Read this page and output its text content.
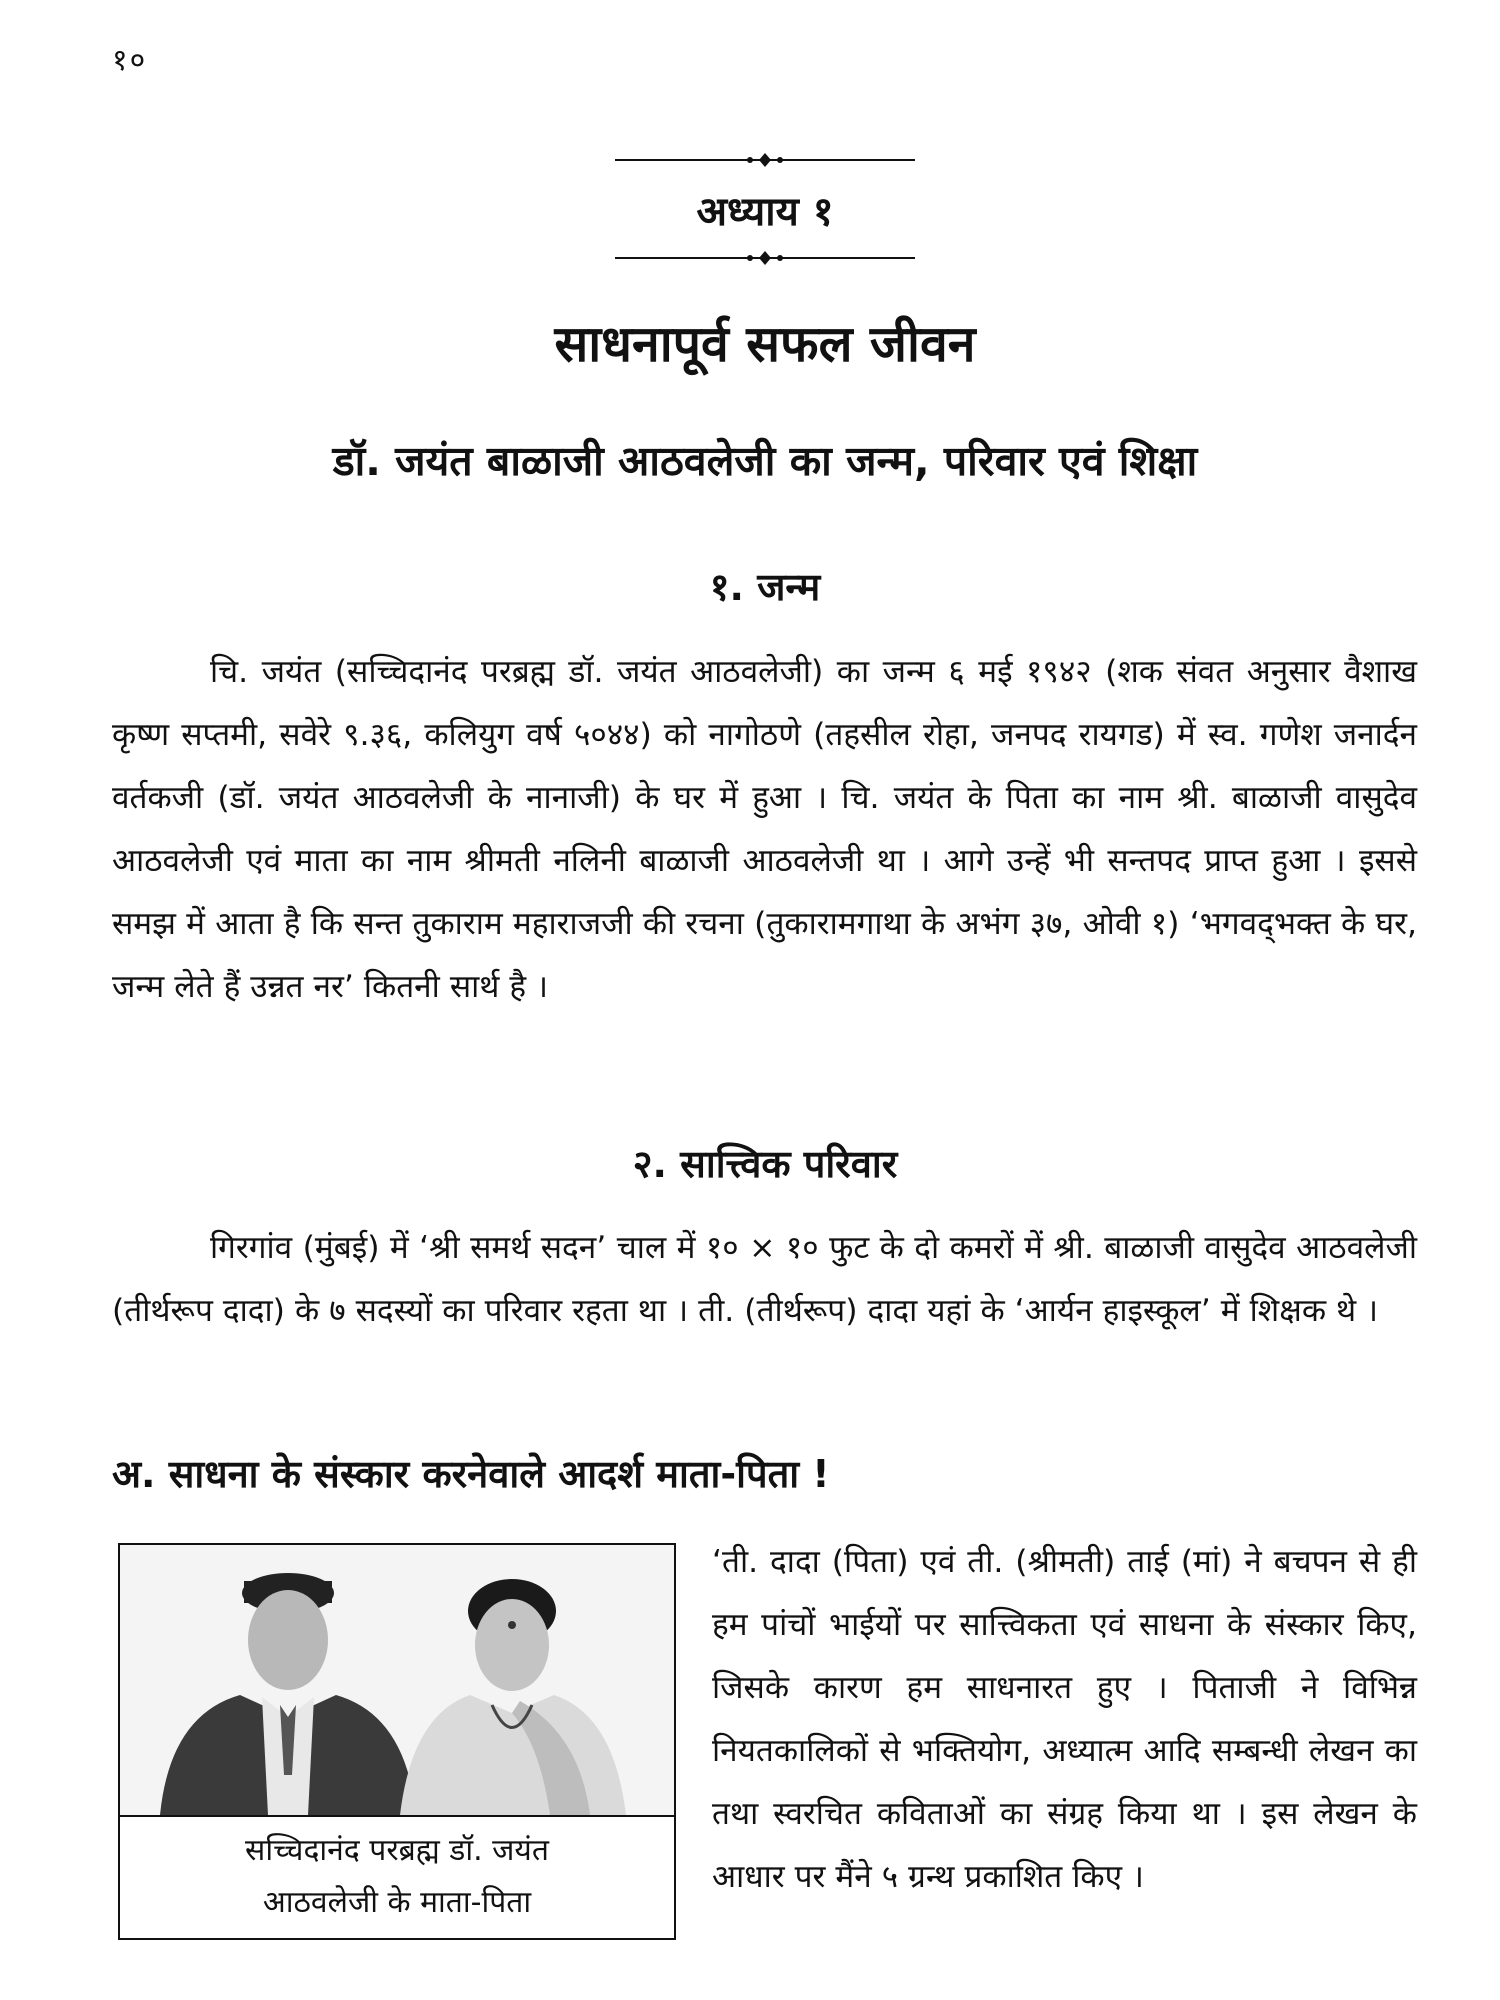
१०
अध्याय १
साधनापूर्व सफल जीवन
डॉ. जयंत बाळाजी आठवलेजी का जन्म, परिवार एवं शिक्षा
१. जन्म

चि. जयंत (सच्चिदानंद परब्रह्म डॉ. जयंत आठवलेजी) का जन्म ६ मई १९४२ (शक संवत अनुसार वैशाख कृष्ण सप्तमी, सवेरे ९.३६, कलियुग वर्ष ५०४४) को नागोठणे (तहसील रोहा, जनपद रायगड) में स्व. गणेश जनार्दन वर्तकजी (डॉ. जयंत आठवलेजी के नानाजी) के घर में हुआ । चि. जयंत के पिता का नाम श्री. बाळाजी वासुदेव आठवलेजी एवं माता का नाम श्रीमती नलिनी बाळाजी आठवलेजी था । आगे उन्हें भी सन्तपद प्राप्त हुआ । इससे समझ में आता है कि सन्त तुकाराम महाराजजी की रचना (तुकारामगाथा के अभंग ३७, ओवी १) ‘भगवद्‌भक्त के घर, जन्म लेते हैं उन्नत नर’ कितनी सार्थ है ।

२. सात्त्विक परिवार

गिरगांव (मुंबई) में ‘श्री समर्थ सदन’ चाल में १० × १० फुट के दो कमरों में श्री. बाळाजी वासुदेव आठवलेजी (तीर्थरूप दादा) के ७ सदस्यों का परिवार रहता था । ती. (तीर्थरूप) दादा यहां के ‘आर्यन हाइस्कूल’ में शिक्षक थे ।

अ. साधना के संस्कार करनेवाले आदर्श माता-पिता !
सच्चिदानंद परब्रह्म डॉ. जयंत
आठवलेजी के माता-पिता

‘ती. दादा (पिता) एवं ती. (श्रीमती) ताई (मां) ने बचपन से ही हम पांचों भाईयों पर सात्त्विकता एवं साधना के संस्कार किए, जिसके कारण हम साधनारत हुए । पिताजी ने विभिन्न नियतकालिकों से भक्तियोग, अध्यात्म आदि सम्बन्धी लेखन का तथा स्वरचित कविताओं का संग्रह किया था । इस लेखन के आधार पर मैंने ५ ग्रन्थ प्रकाशित किए ।
